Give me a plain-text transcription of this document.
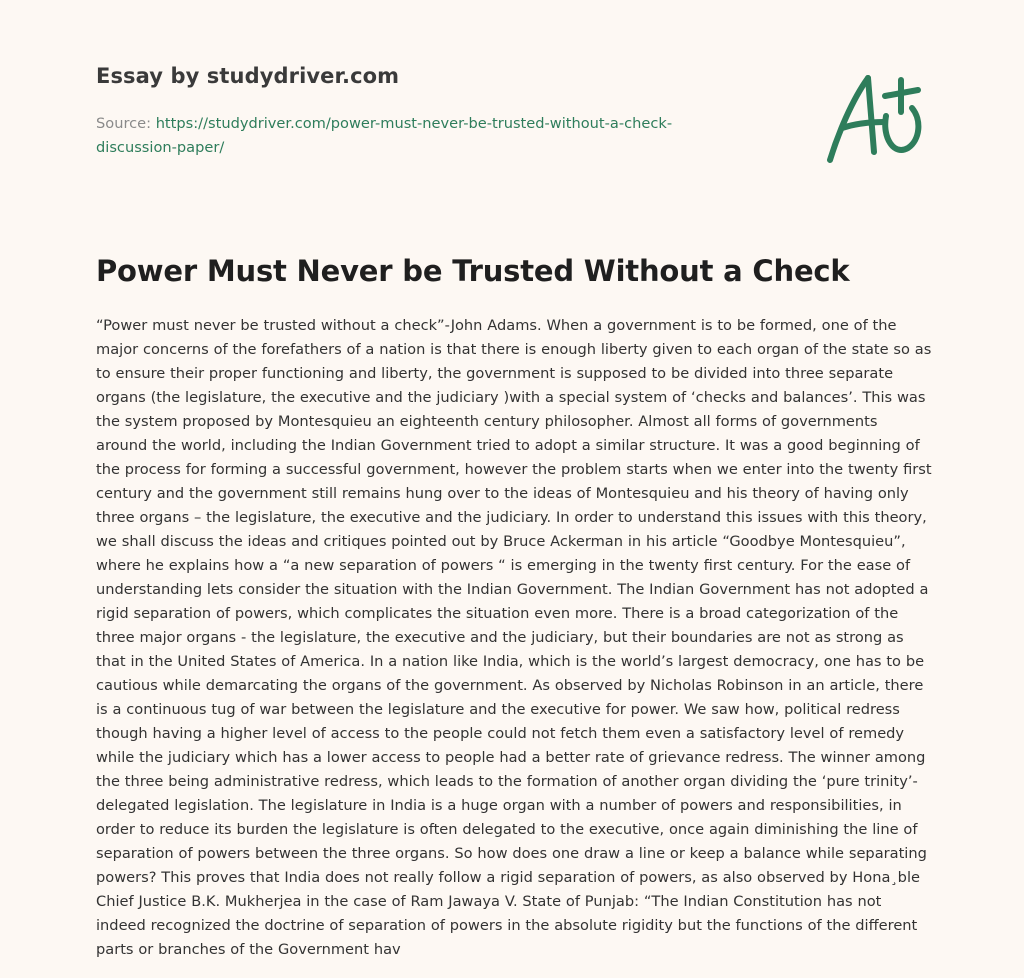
Essay by studydriver.com
Source: https://studydriver.com/power-must-never-be-trusted-without-a-check-discussion-paper/
Power Must Never be Trusted Without a Check

“Power must never be trusted without a check”-John Adams. When a government is to be formed, one of the major concerns of the forefathers of a nation is that there is enough liberty given to each organ of the state so as to ensure their proper functioning and liberty, the government is supposed to be divided into three separate organs (the legislature, the executive and the judiciary )with a special system of ‘checks and balances’. This was the system proposed by Montesquieu an eighteenth century philosopher. Almost all forms of governments around the world, including the Indian Government tried to adopt a similar structure. It was a good beginning of the process for forming a successful government, however the problem starts when we enter into the twenty first century and the government still remains hung over to the ideas of Montesquieu and his theory of having only three organs – the legislature, the executive and the judiciary. In order to understand this issues with this theory, we shall discuss the ideas and critiques pointed out by Bruce Ackerman in his article “Goodbye Montesquieu”, where he explains how a “a new separation of powers “ is emerging in the twenty first century. For the ease of understanding lets consider the situation with the Indian Government. The Indian Government has not adopted a rigid separation of powers, which complicates the situation even more. There is a broad categorization of the three major organs - the legislature, the executive and the judiciary, but their boundaries are not as strong as that in the United States of America. In a nation like India, which is the world’s largest democracy, one has to be cautious while demarcating the organs of the government. As observed by Nicholas Robinson in an article, there is a continuous tug of war between the legislature and the executive for power. We saw how, political redress though having a higher level of access to the people could not fetch them even a satisfactory level of remedy while the judiciary which has a lower access to people had a better rate of grievance redress. The winner among the three being administrative redress, which leads to the formation of another organ dividing the ‘pure trinity’- delegated legislation. The legislature in India is a huge organ with a number of powers and responsibilities, in order to reduce its burden the legislature is often delegated to the executive, once again diminishing the line of separation of powers between the three organs. So how does one draw a line or keep a balance while separating powers? This proves that India does not really follow a rigid separation of powers, as also observed by Hona¸ble Chief Justice B.K. Mukherjea in the case of Ram Jawaya V. State of Punjab: “The Indian Constitution has not indeed recognized the doctrine of separation of powers in the absolute rigidity but the functions of the different parts or branches of the Government hav
